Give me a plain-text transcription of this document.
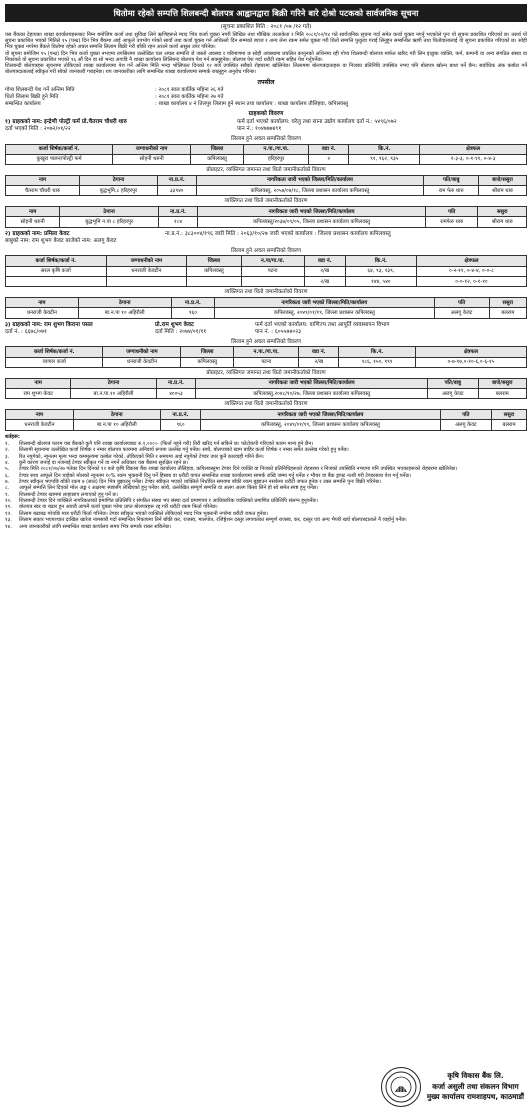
धितोमा रहेको सम्पत्ति शिलबन्दी बोलपत्र आह्वानद्वारा बिक्री गरिने बारे दोश्रो पटकको सार्वजनिक सूचना
(सूचना प्रकाशित मिति : २०८१ /०७ /१२ गते)

यस बैंकका देहायका शाखा कार्यालयहरूबाट निम्न बमोजिम कर्जा तथा सुविधा लिने ऋणिहरूले म्याद भित्र कर्जा चुक्ता नगरी लिखित तथा मौखिक तरताकेता र मिति २०८१/०२/१४ गते सार्वजनिक सूचना गर्दा समेत कर्जा चुक्ता नगर्नु भएकोले पुनः यो सूचना प्रकाशित गरिएको छ। तसर्थ यो सूचना प्रकाशित भएको मितिले १५ (पन्ध्र) दिन भित्र बैंकमा आई आफूले उपभोग गरेको सावाँ तथा कर्जा चुक्ता गर्न अधिल्लो दिन सम्मको ब्याज र अन्य लेना रकम समेत चुक्ता गरी धितो सम्पत्ति फुकुवा गराई लिनुहुन सम्बन्धित ऋणी तथा धितोवालालाई यो सूचना प्रकाशित गरिएको छ। सोही भित्र चुक्ता नगरेमा बैंकले धितोमा रहेको अचल सम्पत्ति लिलाम बिक्री गरी बाँकी रहन आउने कर्जा असुल उपर गरिनेछ।

यो सूचना बमोजिम १५ (पन्ध्र) दिन भित्र कर्जा चुक्ता नभएमा तपसिलमा उल्लेखित चल अचल सम्पत्ति जे जस्तो अवस्था र परिमाणमा छ सोही अवस्थामा प्रचलित कानुनको अधिनमा रही गोप्य शिलबन्दी बोलपत्र मार्फत खरिद गरी लिन इच्छुक व्यक्ति, फर्म, कम्पनी वा अन्य संगठित संस्था वा निकायले यो सूचना प्रकाशित भएको १६ औं दिन वा सो भन्दा अगाडि नै शाखा कार्यालय लिलिबन्द बोलपत्र पेश गर्न सक्नुहुनेछ। बोलपत्र पेश गर्दा धरौटी रकम सहित पेश गर्नुपर्नेछ।

शिलबन्दी बोलपत्रहरू सूचनामा तोकिएको शाखा कार्यालयमा पेश गर्ने अन्तिम मिति भन्दा भोलिपल्ट दिनको १२ बजे उपस्थित सबैको रोहबरमा खोलिनेछ। लिलाममा बोलपत्रदाताहरू वा निजका प्रतिनिधि उपस्थित नभए पनि बोलपत्र खोल्न बाधा पर्ने छैन। सर्वाधिक अंक कबोल गर्ने बोलपत्रदातालाई स्वीकृत गरी सोको जानकारी गराइनेछ। थप जानकारीका लागि सम्बन्धित शाखा कार्यालयमा सम्पर्क राख्नुहुन अनुरोध गरिन्छ।

तपसील
गोप्य शिलबन्दी पेश गर्ने अन्तिम मिति	: २०८१ साल कार्तिक महिना २६ गते
धितो लिलाम बिक्री हुने मिति	: २०८१ साल कार्तिक महिना २७ गते
सम्बन्धित कार्यालय	: शाखा कार्यालय ४ नं तिलपुर लिलाम हुने स्थान तथा कार्यालय : शाखा कार्यालय तौलिहवा, कपिलवस्तु
ग्राहकको विवरण
१) ग्राहकको नाम: इन्द्रेणी पोल्ट्री फर्म प्रो.चैतराम चौधरी थारु	फर्म दर्ता भएको कार्यालय: घरेलु तथा साना उद्योग कार्यालय दर्ता नं.: ५४९६/०७२
दर्ता भएको मिति : २०७२/०१/२२	पान नं.: १०४७७७४९१
लिलाम हुने अचल सम्पत्तिको विवरण
कर्जा शिर्षक/कर्जा नं.	जग्गाधनीको नाम	जिल्ला	न.पा./गा.पा.	वडा नं.	कि.नं.	क्षेत्रफल
कुखुरा पालन/पोल्ट्री फर्म	सोहनी थरुनी	कपिलवस्तु	हरिहरपुर	२	९१, १६२, ९३५	१-३-३, ०-१-११, ०-४-३
प्रोप्राइटर, व्यक्तिगत जमानत तथा धितो जमानीकर्ताको विवरण
नाम	ठेगाना	ना.प्र.नं.	नागरिकता जारी भएको जिल्ला/मिति/कार्यालय	पति/बाबु	बाजे/ससुरा
चैतराम चौधरी थारु	बुद्धभूमि,८ हरिहरपुर	३३९४०	कपिलवस्तु, २०५७/०७/१८, जिल्ला प्रशासन कार्यालय कपिलवस्तु	राम फेरु थारु	श्रीराम थारु
व्यक्तिगत तथा धितो जमानीकर्ताको विवरण
नाम	ठेगाना	ना.प्र.नं.	नागरिकता जारी भएको जिल्ला/मिति/कार्यालय	पति	ससुरा
सोहनी थरुनी	बुद्धभूमि न.पा ८ हरिहरपुर	१८४	कपिलवस्तु/२०३७/०९/०५, जिल्ला प्रशासन कार्यालय कपिलवस्तु	रामफेरु थारु	श्रीराम थारु
२) ग्राहकको नाम: प्रमिला केवट	ना.प्र.नं.: ३८३००४/१९६ जारी मिति : २०६३/१०/२७ जारी भएको कार्यालय : जिल्ला प्रशासन कार्यालय कपिलवस्तु
बाबुको नाम: राम शुभग केवट बाजेको नाम: अलगु केवट
लिलाम हुने अचल सम्पत्तिको विवरण
कर्जा शिर्षक/कर्जा नं.	जग्गाधनीको नाम	जिल्ला	न.पा/गा.पा.	वडा नं.	कि.नं.	क्षेत्रफल
सरल कृषि कर्जा	धनराजी केवटीन	कपिलवस्तु	पटना	२/ख	६४, ९३, १३९,	०-२-११, ०-४-४, ०-०-८
				२/ख	१४४, ५४०	०-०-१२, ०-१-१०
व्यक्तिगत तथा धितो जमानीकर्ताको विवरण
नाम	ठेगाना	ना.प्र.नं.	नागरिकता जारी भएको जिल्ला/मिति/कार्यालय	पति	ससुरा
धनराजी केवटीन	बा.न.पा १० अहिरौली	९६०	कपिलवस्तु, २०४९/०१/१९, जिल्ला प्रशासन कपिलवस्तु	अलगु केवट	बलराम
३) ग्राहकको नाम: राम शुभग किराना पसल	प्रो.राम शुभग केवट	फर्म दर्ता भएको कार्यालय: वाणिज्य तथा आपूर्ति व्यवस्थापन विभाग
दर्ता नं. : ६६७८/०७१	दर्ता मिति : २०७४/०१/११	पान नं. : ६०५५७४०२३
लिलाम हुने अचल सम्पत्तिको विवरण
कर्जा शिर्षक/कर्जा नं.	जग्गाधनीको नाम	जिल्ला	न.पा./गा.पा.	वडा नं.	कि.नं.	क्षेत्रफल
व्यापार कर्जा	धनराजी केवटीन	कपिलवस्तु	पटना	२/ख	१८६, १५०, १९१	०-७-१७,०-१०-६,०-६-१५
प्रोप्राइटर, व्यक्तिगत जमानत तथा धितो जमानीकर्ताको विवरण
नाम	ठेगाना	ना.प्र.नं.	नागरिकता जारी भएको जिल्ला/मिति/कार्यालय	पति/बाबु	बाजे/ससुरा
राम शुभग केवट	बा.न.पा.१० अहिरौली	४००५३	कपिलवस्तु,२०४८/१०/२७, जिल्ला प्रशासन कार्यालय कपिलवस्तु	अलगु केवट	बलराम
व्यक्तिगत तथा धितो जमानीकर्ताको विवरण
नाम	ठेगाना	ना.प्र.नं.	नागरिकता जारी भएको जिल्ला/मिति/कार्यालय	पति	ससुरा
धनराजी केवटीन	बा.न.पा १० अहिरौली	९६०	कपिलवस्तु, २०४९/०१/१९, जिल्ला प्रशासन कार्यालय कपिलवस्तु	अलगु केवट	बलराम
शर्तहरू:
१.	शिलबन्दी बोलपत्र फारम यस बैंकको कुनै पनि शाखा कार्यालयबाट रु.१,०००।- (फिर्ता नहुने गरी) तिरी खरिद गर्न सकिने छ। फोटोकपी गरिएको फारम मान्य हुने छैन।
२.	लिलामी सूचनामा उल्लेखित कर्जा शिर्षक र नम्बर बोलपत्र फारममा अनिवार्य रूपमा उल्लेख गर्नु पर्नेछ। साथै, बोलपत्रको खाम बाहिर कर्जा शिर्षक र नम्बर समेत उल्लेख गरेको हुनु पर्नेछ।
३.	रित नपुगेको, न्यूनतम मूल्य भन्दा कममूल्यमा कबोल गरेको, तोकिएको मिति र समयमा आई नपुगेको टेण्डर उपर कुनै कारवाही गरिने छैन।
४.	कुनै कारण जनाई वा नजनाई टेण्डर स्वीकृत गर्ने वा नगर्ने अधिकार यस बैंकमा सुरक्षित रहने छ।
५.	टेण्डर मिति २०८१/०७/२७ गतेका दिन दिनको १२ बजे कृषि विकास बैंक शाखा कार्यालय तौलिहवा, कपिलवस्तुमा टेण्डर दिने व्यक्ति वा निजको प्रतिनिधिहरूको रोहबरमा र निजको उपस्थिति नभएमा पनि उपस्थित भएकाहरूको रोहबरमा खोलिनेछ।
६.	टेण्डर साथ आफूले दिन चाहेको मोलको न्यूनतम १०% रकम भुक्तानी दिनु पर्ने हिसाब वा धरौटी वापत सम्बन्धित शाखा कार्यालयमा सम्पर्क राखि जम्मा गर्नु पर्नेछ र भौचर वा बैंक ड्राफ्ट नत्थी गरी टेण्डरसाथ पेश गर्नु पर्नेछ।
७.	टेण्डर स्वीकृत भएपछि बाँकी रकम ७ (सात) दिन भित्र बुझाउनु पर्नेछ। टेण्डर स्वीकृत भएको व्यक्तिले निर्धारित समयमा बाँकी रकम बुझाउन नसकेमा धरौटी जफत हुनेछ र उक्त सम्पत्ति पुनः बिक्री गरिनेछ।
८.	आफूले सम्पत्ति लिन दिएको मोल अङ्क र अक्षरमा स्पष्टसँग लेखिएको हुनु पर्नेछ। साथै, उल्लेखित सम्पूर्ण सम्पत्ति वा अलग अलग किसा लिने हो सो समेत स्पष्ट हुनु पर्नेछ।
९.	शिलबन्दी टेण्डर खाममा लाहाछाप लगाएको हुनु पर्ने छ।
१०.	शिलबन्दी टेण्डर दिने व्यक्तिले नागरिकताको प्रमाणित प्रतिलिपि र संगठित संस्था भए संस्था दर्ता प्रमाणपत्र र आधिकारिक व्यक्तिको प्रमाणित प्रतिलिपि संलग्न हुनुपर्नेछ।
११.	बोलपत्र स्वर वा बढार हुन अघावै आफ्नै कर्जा चुक्ता गरेमा प्राप्त बोलपत्रहरू रद्द गरी धरौटी रकम फिर्ता गरिनेछ।
१२.	लिलाम बढाबढ गरेपछि मात्र धरौटी फिर्ता गरिनेछ। टेण्डर स्वीकृत भएको व्यक्तिले तोकिएको म्याद भित्र भुक्तानी नगरेमा धरौटी जफत हुनेछ।
१३.	लिलाम सकार भएपश्चात दाखिल खारेज नामसारी गर्दा सम्बन्धित निकायमा तिर्न बाँकी कर, राजस्व, मालपोत, रजिष्ट्रेशन दस्तुर लगायतका सम्पूर्ण राजस्व, कर, दस्तुर एवं अन्य भैपरी खर्च बोलपत्रदाताले नै व्यहोर्नु पर्नेछ।
१४.	अन्य जानकारीको लागि सम्बन्धित शाखा कार्यालय समय भित्र सम्पर्क राख्न सकिनेछ।
कृषि विकास बैंक लि.
कर्जा असुली तथा संकलन विभाग
मुख्य कार्यालय रामशाहपथ, काठमाडौं
